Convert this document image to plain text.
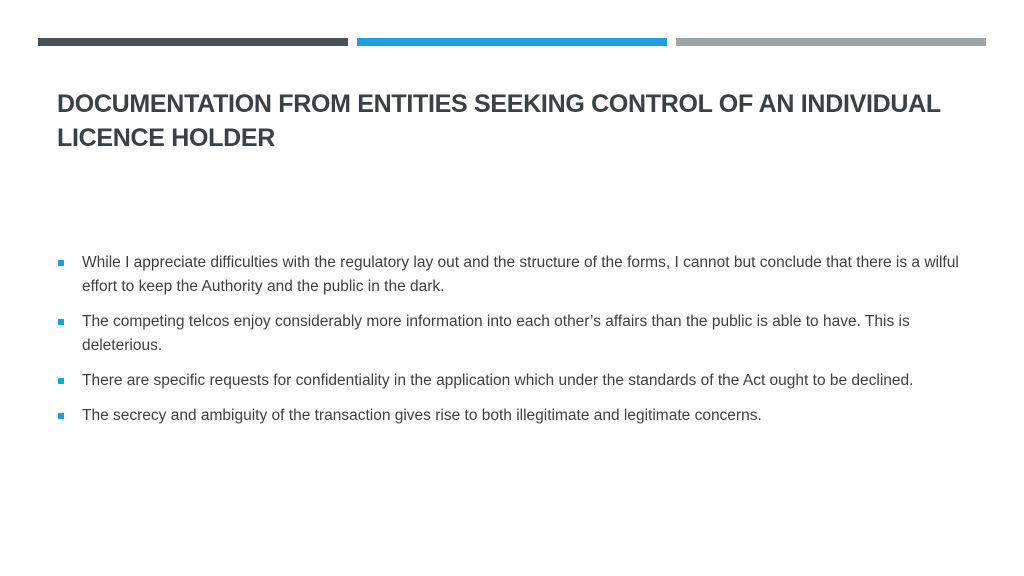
DOCUMENTATION FROM ENTITIES SEEKING CONTROL OF AN INDIVIDUAL LICENCE HOLDER
While I appreciate difficulties with the regulatory lay out and the structure of the forms, I cannot but conclude that there is a wilful effort to keep the Authority and the public in the dark.
The competing telcos enjoy considerably more information into each other’s affairs than the public is able to have. This is deleterious.
There are specific requests for confidentiality in the application which under the standards of the Act ought to be declined.
The secrecy and ambiguity of the transaction gives rise to both illegitimate and legitimate concerns.
